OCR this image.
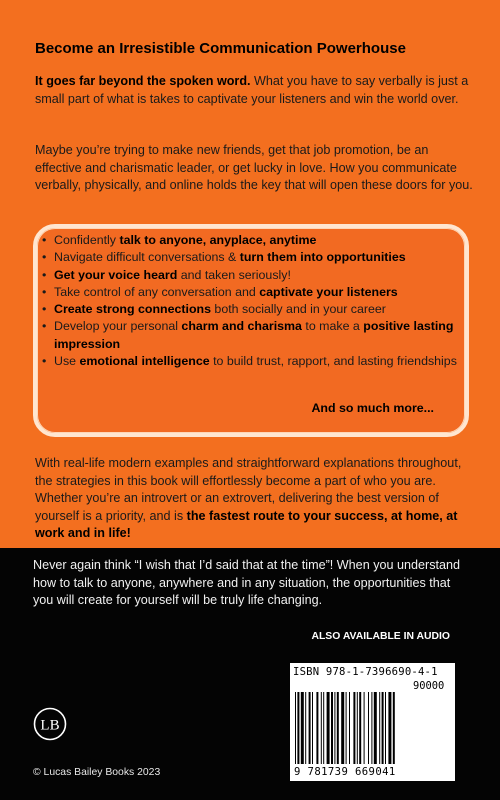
Become an Irresistible Communication Powerhouse

It goes far beyond the spoken word. What you have to say verbally is just a small part of what is takes to captivate your listeners and win the world over.

Maybe you’re trying to make new friends, get that job promotion, be an effective and charismatic leader, or get lucky in love. How you communicate verbally, physically, and online holds the key that will open these doors for you.

• Confidently talk to anyone, anyplace, anytime
• Navigate difficult conversations & turn them into opportunities
• Get your voice heard and taken seriously!
• Take control of any conversation and captivate your listeners
• Create strong connections both socially and in your career
• Develop your personal charm and charisma to make a positive lasting impression
• Use emotional intelligence to build trust, rapport, and lasting friendships
And so much more...

With real-life modern examples and straightforward explanations throughout, the strategies in this book will effortlessly become a part of who you are. Whether you’re an introvert or an extrovert, delivering the best version of yourself is a priority, and is the fastest route to your success, at home, at work and in life!

Never again think “I wish that I’d said that at the time”! When you understand how to talk to anyone, anywhere and in any situation, the opportunities that you will create for yourself will be truly life changing.

ALSO AVAILABLE IN AUDIO
ISBN 978-1-7396690-4-1
90000
9 781739 669041
LB
© Lucas Bailey Books 2023
